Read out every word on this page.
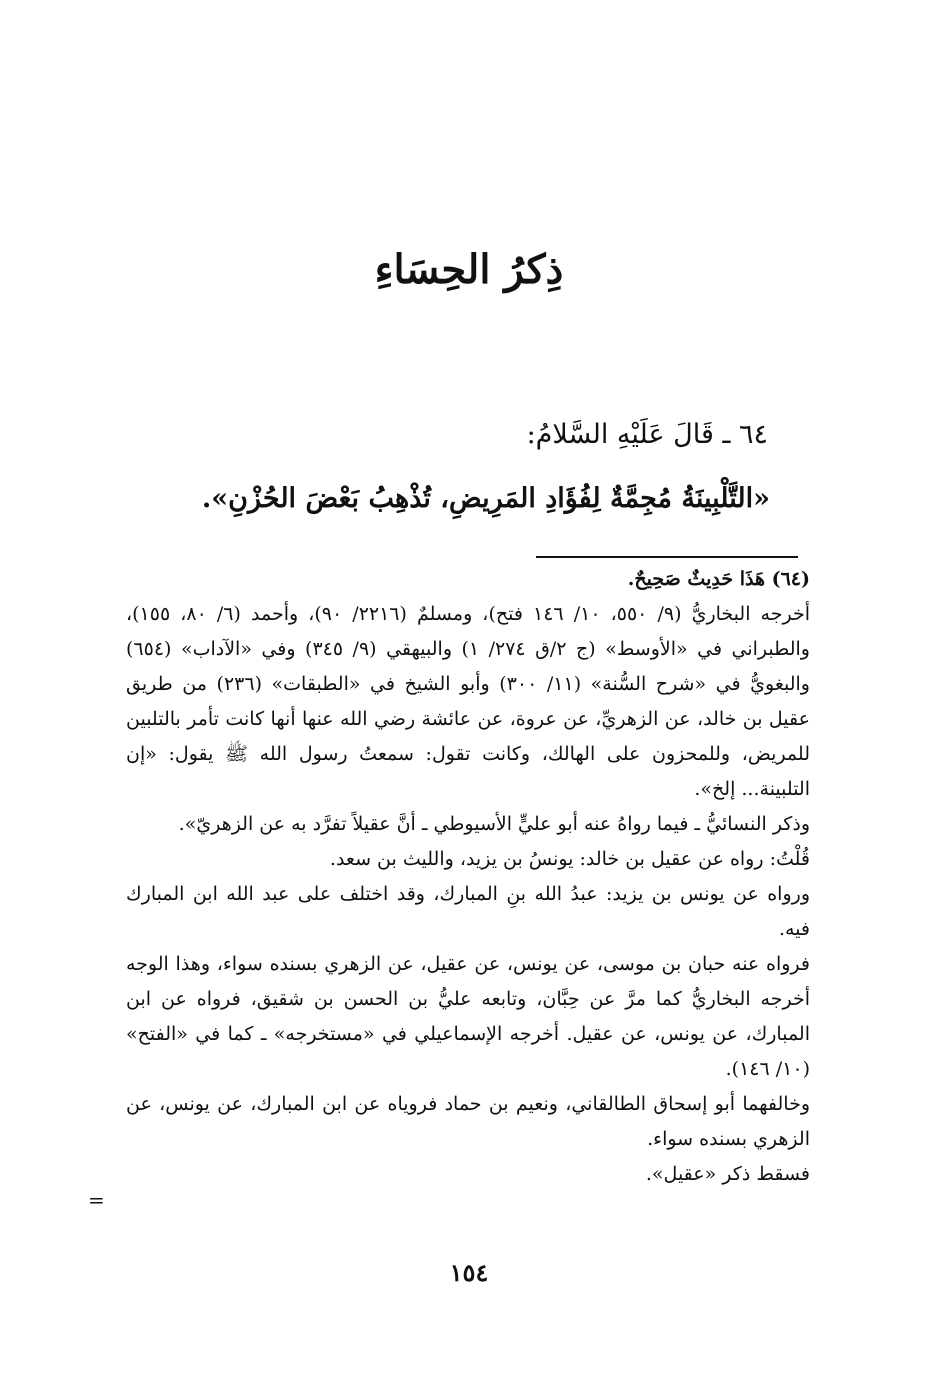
ذِكرُ الحِسَاءِ
٦٤ ـ قَالَ عَلَيْهِ السَّلامُ:
«التَّلْبِينَةُ مُجِمَّةٌ لِفُؤَادِ المَرِيضِ، تُذْهِبُ بَعْضَ الحُزْنِ».

(٦٤) هَذَا حَدِيثٌ صَحِيحٌ.

أخرجه البخاريُّ (٩/ ٥٥٠، ١٠/ ١٤٦ فتح)، ومسلمٌ (٢٢١٦/ ٩٠)، وأحمد (٦/ ٨٠، ١٥٥)، والطبراني في «الأوسط» (ج ٢/ق ٢٧٤/ ١) والبيهقي (٩/ ٣٤٥) وفي «الآداب» (٦٥٤) والبغويُّ في «شرح السُّنة» (١١/ ٣٠٠) وأبو الشيخ في «الطبقات» (٢٣٦) من طريق عقيل بن خالد، عن الزهريِّ، عن عروة، عن عائشة رضي الله عنها أنها كانت تأمر بالتلبين للمريض، وللمحزون على الهالك، وكانت تقول: سمعتُ رسول الله ﷺ يقول: «إن التلبينة... إلخ».

وذكر النسائيُّ ـ فيما رواهُ عنه أبو عليٍّ الأسيوطي ـ أنَّ عقيلاً تفرَّد به عن الزهريّ».

قُلْتُ: رواه عن عقيل بن خالد: يونسُ بن يزيد، والليث بن سعد.

ورواه عن يونس بن يزيد: عبدُ الله بنِ المبارك، وقد اختلف على عبد الله ابن المبارك فيه.

فرواه عنه حبان بن موسى، عن يونس، عن عقيل، عن الزهري بسنده سواء، وهذا الوجه أخرجه البخاريُّ كما مرَّ عن حِبَّان، وتابعه عليُّ بن الحسن بن شقيق، فرواه عن ابن المبارك، عن يونس، عن عقيل. أخرجه الإسماعيلي في «مستخرجه» ـ كما في «الفتح» (١٠/ ١٤٦).

وخالفهما أبو إسحاق الطالقاني، ونعيم بن حماد فروياه عن ابن المبارك، عن يونس، عن الزهري بسنده سواء.

فسقط ذكر «عقيل».

=
١٥٤
